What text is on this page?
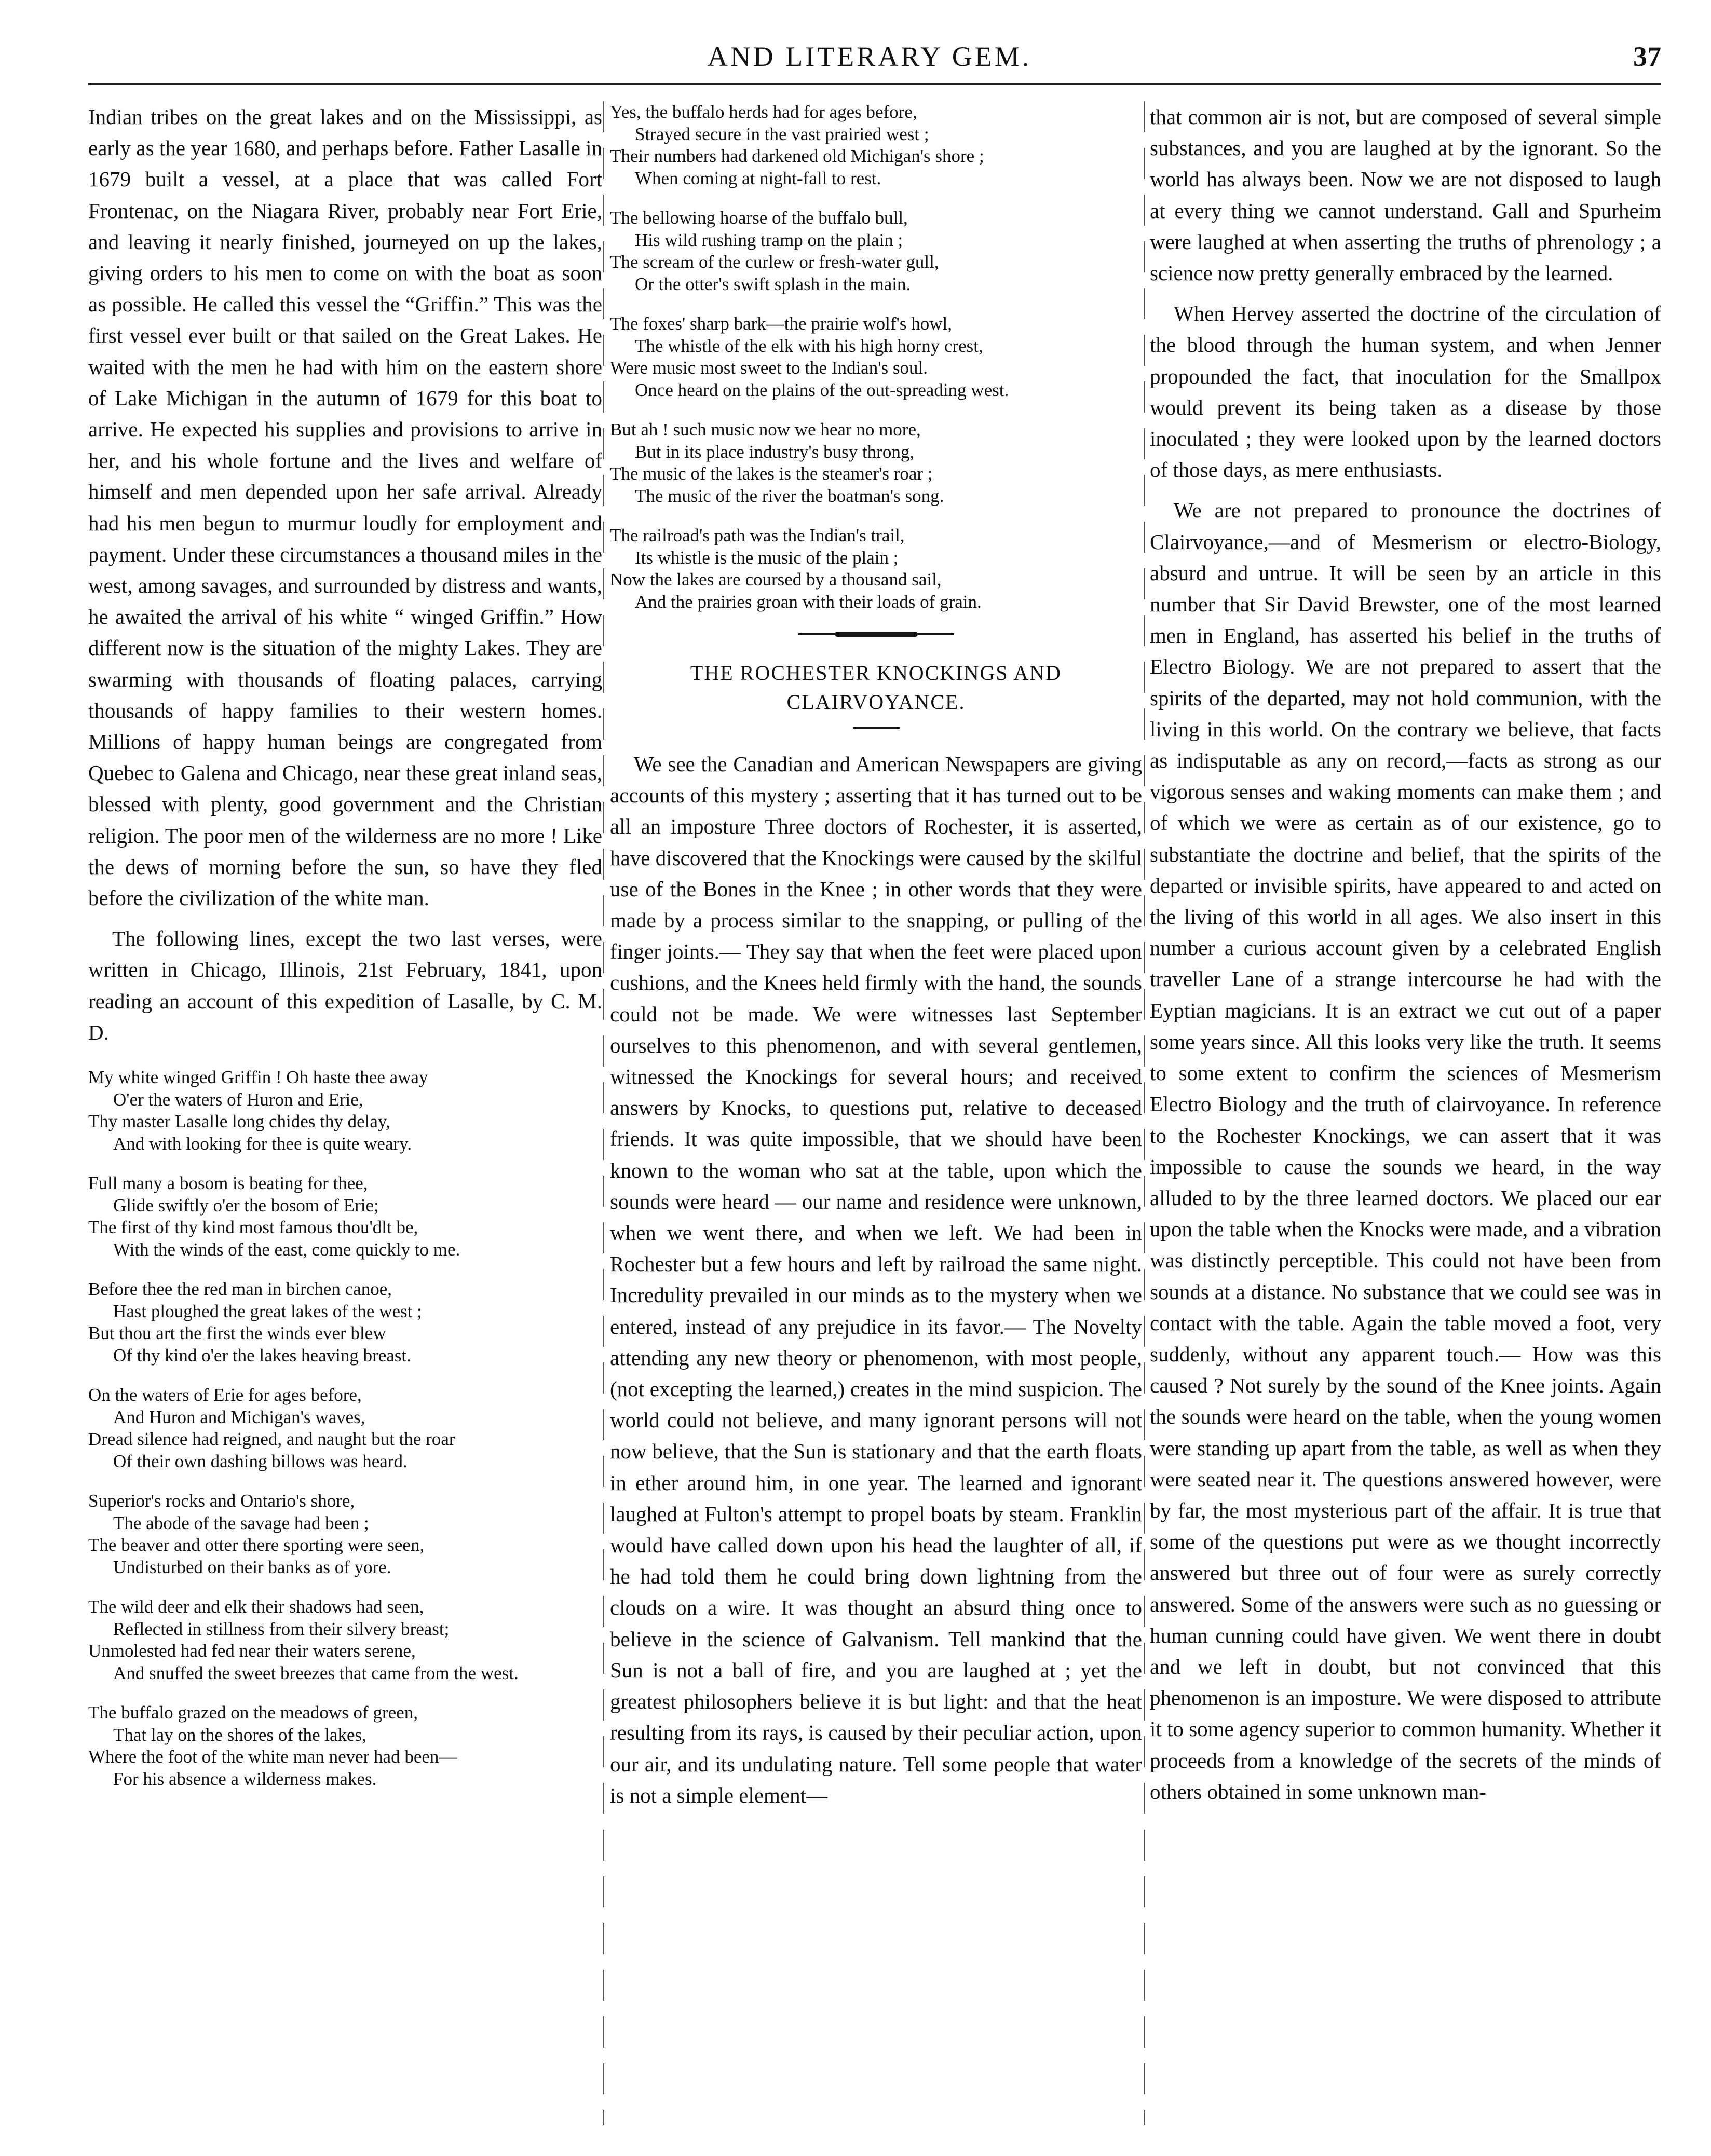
AND LITERARY GEM.	37

Indian tribes on the great lakes and on the Mississippi, as early as the year 1680, and perhaps before. Father Lasalle in 1679 built a vessel, at a place that was called Fort Frontenac, on the Niagara River, probably near Fort Erie, and leaving it nearly finished, journeyed on up the lakes, giving orders to his men to come on with the boat as soon as possible. He called this vessel the “Griffin.” This was the first vessel ever built or that sailed on the Great Lakes. He waited with the men he had with him on the eastern shore of Lake Michigan in the autumn of 1679 for this boat to arrive. He expected his supplies and provisions to arrive in her, and his whole fortune and the lives and welfare of himself and men depended upon her safe arrival. Already had his men begun to murmur loudly for employment and payment. Under these circumstances a thousand miles in the west, among savages, and surrounded by distress and wants, he awaited the arrival of his white “ winged Griffin.” How different now is the situation of the mighty Lakes. They are swarming with thousands of floating palaces, carrying thousands of happy families to their western homes. Millions of happy human beings are congregated from Quebec to Galena and Chicago, near these great inland seas, blessed with plenty, good government and the Christian religion. The poor men of the wilderness are no more ! Like the dews of morning before the sun, so have they fled before the civilization of the white man.

The following lines, except the two last verses, were written in Chicago, Illinois, 21st February, 1841, upon reading an account of this expedition of Lasalle, by C. M. D.

My white winged Griffin ! Oh haste thee away
O'er the waters of Huron and Erie,
Thy master Lasalle long chides thy delay,
And with looking for thee is quite weary.
Full many a bosom is beating for thee,
Glide swiftly o'er the bosom of Erie;
The first of thy kind most famous thou'dlt be,
With the winds of the east, come quickly to me.
Before thee the red man in birchen canoe,
Hast ploughed the great lakes of the west ;
But thou art the first the winds ever blew
Of thy kind o'er the lakes heaving breast.
On the waters of Erie for ages before,
And Huron and Michigan's waves,
Dread silence had reigned, and naught but the roar
Of their own dashing billows was heard.
Superior's rocks and Ontario's shore,
The abode of the savage had been ;
The beaver and otter there sporting were seen,
Undisturbed on their banks as of yore.
The wild deer and elk their shadows had seen,
Reflected in stillness from their silvery breast;
Unmolested had fed near their waters serene,
And snuffed the sweet breezes that came from the west.
The buffalo grazed on the meadows of green,
That lay on the shores of the lakes,
Where the foot of the white man never had been—
For his absence a wilderness makes.
Yes, the buffalo herds had for ages before,
Strayed secure in the vast prairied west ;
Their numbers had darkened old Michigan's shore ;
When coming at night-fall to rest.
The bellowing hoarse of the buffalo bull,
His wild rushing tramp on the plain ;
The scream of the curlew or fresh-water gull,
Or the otter's swift splash in the main.
The foxes' sharp bark—the prairie wolf's howl,
The whistle of the elk with his high horny crest,
Were music most sweet to the Indian's soul.
Once heard on the plains of the out-spreading west.
But ah ! such music now we hear no more,
But in its place industry's busy throng,
The music of the lakes is the steamer's roar ;
The music of the river the boatman's song.
The railroad's path was the Indian's trail,
Its whistle is the music of the plain ;
Now the lakes are coursed by a thousand sail,
And the prairies groan with their loads of grain.
THE ROCHESTER KNOCKINGS AND
CLAIRVOYANCE.

We see the Canadian and American Newspapers are giving accounts of this mystery ; asserting that it has turned out to be all an imposture Three doctors of Rochester, it is asserted, have discovered that the Knockings were caused by the skilful use of the Bones in the Knee ; in other words that they were made by a process similar to the snapping, or pulling of the finger joints.— They say that when the feet were placed upon cushions, and the Knees held firmly with the hand, the sounds could not be made. We were witnesses last September ourselves to this phenomenon, and with several gentlemen, witnessed the Knockings for several hours; and received answers by Knocks, to questions put, relative to deceased friends. It was quite impossible, that we should have been known to the woman who sat at the table, upon which the sounds were heard — our name and residence were unknown, when we went there, and when we left. We had been in Rochester but a few hours and left by railroad the same night. Incredulity prevailed in our minds as to the mystery when we entered, instead of any prejudice in its favor.— The Novelty attending any new theory or phenomenon, with most people, (not excepting the learned,) creates in the mind suspicion. The world could not believe, and many ignorant persons will not now believe, that the Sun is stationary and that the earth floats in ether around him, in one year. The learned and ignorant laughed at Fulton's attempt to propel boats by steam. Franklin would have called down upon his head the laughter of all, if he had told them he could bring down lightning from the clouds on a wire. It was thought an absurd thing once to believe in the science of Galvanism. Tell mankind that the Sun is not a ball of fire, and you are laughed at ; yet the greatest philosophers believe it is but light: and that the heat resulting from its rays, is caused by their peculiar action, upon our air, and its undulating nature. Tell some people that water is not a simple element—

that common air is not, but are composed of several simple substances, and you are laughed at by the ignorant. So the world has always been. Now we are not disposed to laugh at every thing we cannot understand. Gall and Spurheim were laughed at when asserting the truths of phrenology ; a science now pretty generally embraced by the learned.

When Hervey asserted the doctrine of the circulation of the blood through the human system, and when Jenner propounded the fact, that inoculation for the Smallpox would prevent its being taken as a disease by those inoculated ; they were looked upon by the learned doctors of those days, as mere enthusiasts.

We are not prepared to pronounce the doctrines of Clairvoyance,—and of Mesmerism or electro-Biology, absurd and untrue. It will be seen by an article in this number that Sir David Brewster, one of the most learned men in England, has asserted his belief in the truths of Electro Biology. We are not prepared to assert that the spirits of the departed, may not hold communion, with the living in this world. On the contrary we believe, that facts as indisputable as any on record,—facts as strong as our vigorous senses and waking moments can make them ; and of which we were as certain as of our existence, go to substantiate the doctrine and belief, that the spirits of the departed or invisible spirits, have appeared to and acted on the living of this world in all ages. We also insert in this number a curious account given by a celebrated English traveller Lane of a strange intercourse he had with the Eyptian magicians. It is an extract we cut out of a paper some years since. All this looks very like the truth. It seems to some extent to confirm the sciences of Mesmerism Electro Biology and the truth of clairvoyance. In reference to the Rochester Knockings, we can assert that it was impossible to cause the sounds we heard, in the way alluded to by the three learned doctors. We placed our ear upon the table when the Knocks were made, and a vibration was distinctly perceptible. This could not have been from sounds at a distance. No substance that we could see was in contact with the table. Again the table moved a foot, very suddenly, without any apparent touch.— How was this caused ? Not surely by the sound of the Knee joints. Again the sounds were heard on the table, when the young women were standing up apart from the table, as well as when they were seated near it. The questions answered however, were by far, the most mysterious part of the affair. It is true that some of the questions put were as we thought incorrectly answered but three out of four were as surely correctly answered. Some of the answers were such as no guessing or human cunning could have given. We went there in doubt and we left in doubt, but not convinced that this phenomenon is an imposture. We were disposed to attribute it to some agency superior to common humanity. Whether it proceeds from a knowledge of the secrets of the minds of others obtained in some unknown man-
